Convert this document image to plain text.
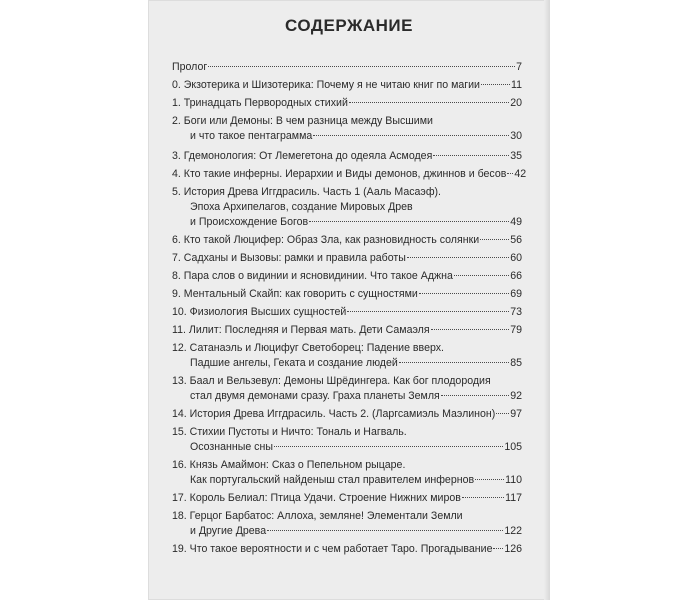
СОДЕРЖАНИЕ
Пролог	7
0. Экзотерика и Шизотерика: Почему я не читаю книг по магии	11
1. Тринадцать Первородных стихий	20
2. Боги или Демоны: В чем разница между Высшими
и что такое пентаграмма	30
3. Гдемонология: От Лемегетона до одеяла Асмодея	35
4. Кто такие инферны. Иерархии и Виды демонов, джиннов и бесов 42
5. История Древа Иггдрасиль. Часть 1 (Ааль Масаэф).
Эпоха Архипелагов, создание Мировых Древ
и Происхождение Богов	49
6. Кто такой Люцифер: Образ Зла, как разновидность солянки	56
7. Садханы и Вызовы: рамки и правила работы	60
8. Пара слов о видинии и ясновидинии. Что такое Аджна	66
9. Ментальный Скайп: как говорить с сущностями	69
10. Физиология Высших сущностей	73
11. Лилит: Последняя и Первая мать. Дети Самаэля	79
12. Сатанаэль и Люцифуг Светоборец: Падение вверх.
Падшие ангелы, Геката и создание людей	85
13. Баал и Вельзевул: Демоны Шрёдингера. Как бог плодородия
стал двумя демонами сразу. Граха планеты Земля	92
14. История Древа Иггдрасиль. Часть 2. (Ларгсамиэль Маэлинон) 97
15. Стихии Пустоты и Ничто: Тональ и Нагваль.
Осознанные сны	105
16. Князь Амаймон: Сказ о Пепельном рыцаре.
Как португальский найденыш стал правителем инфернов	110
17. Король Белиал: Птица Удачи. Строение Нижних миров	117
18. Герцог Барбатос: Аллоха, земляне! Элементали Земли
и Другие Древа	122
19. Что такое вероятности и с чем работает Таро. Прогадывание 126
